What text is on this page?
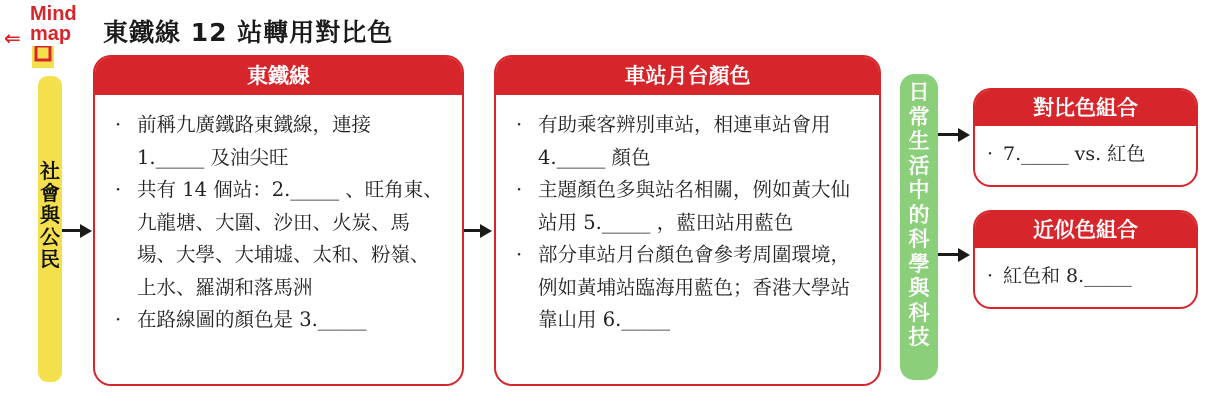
Mind
map
⇐	東鐵線 12 站轉用對比色
社會與公民
東鐵線
· 前稱九廣鐵路東鐵線，連接 1._____ 及油尖旺
· 共有 14 個站：2._____ 、旺角東、九龍塘、大圍、沙田、火炭、馬場、大學、大埔墟、太和、粉嶺、上水、羅湖和落馬洲
· 在路線圖的顏色是 3._____
車站月台顏色
· 有助乘客辨別車站，相連車站會用 4._____ 顏色
· 主題顏色多與站名相關，例如黃大仙站用 5._____ ，藍田站用藍色
· 部分車站月台顏色會參考周圍環境，例如黃埔站臨海用藍色；香港大學站靠山用 6._____
日常生活中的科學與科技
對比色組合
· 7._____ vs. 紅色
近似色組合
· 紅色和 8._____
